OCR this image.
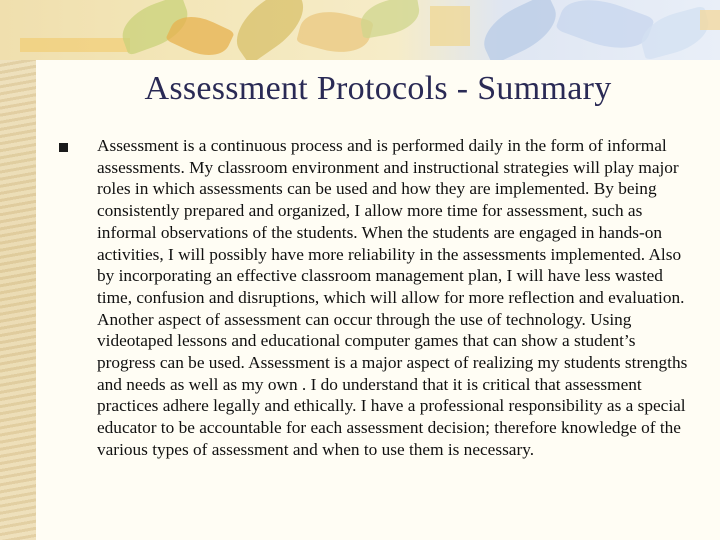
Assessment Protocols - Summary
Assessment is a continuous process and is performed daily in the form of informal assessments. My classroom environment and instructional strategies will play major roles in which assessments can be used and how they are implemented. By being consistently prepared and organized, I allow more time for assessment, such as informal observations of the students. When the students are engaged in hands-on activities, I will possibly have more reliability in the assessments implemented. Also by incorporating an effective classroom management plan, I will have less wasted time, confusion and disruptions, which will allow for more reflection and evaluation. Another aspect of assessment can occur through the use of technology. Using videotaped lessons and educational computer games that can show a student’s progress can be used. Assessment is a major aspect of realizing my students strengths and needs as well as my own . I do understand that it is critical that assessment practices adhere legally and ethically. I have a professional responsibility as a special educator to be accountable for each assessment decision; therefore knowledge of the various types of assessment and when to use them is necessary.
